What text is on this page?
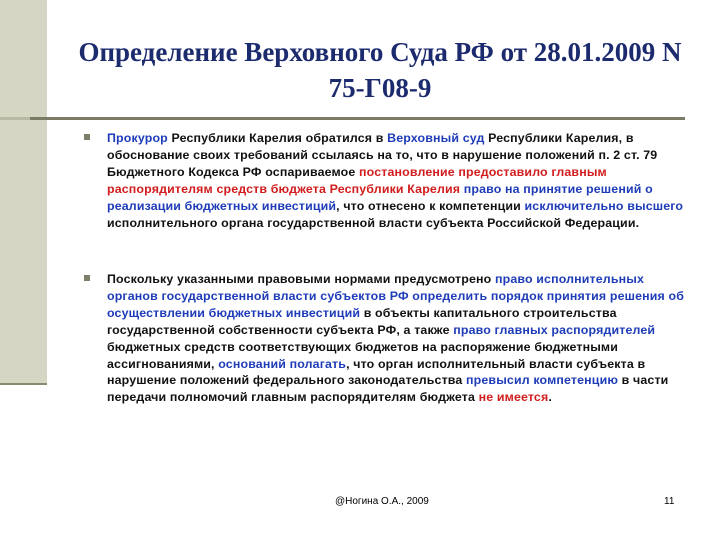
Определение Верховного Суда РФ от 28.01.2009 N 75-Г08-9
Прокурор Республики Карелия обратился в Верховный суд Республики Карелия, в обоснование своих требований ссылаясь на то, что в нарушение положений п. 2 ст. 79 Бюджетного Кодекса РФ оспариваемое постановление предоставило главным распорядителям средств бюджета Республики Карелия право на принятие решений о реализации бюджетных инвестиций, что отнесено к компетенции исключительно высшего исполнительного органа государственной власти субъекта Российской Федерации.
Поскольку указанными правовыми нормами предусмотрено право исполнительных органов государственной власти субъектов РФ определить порядок принятия решения об осуществлении бюджетных инвестиций в объекты капитального строительства государственной собственности субъекта РФ, а также право главных распорядителей бюджетных средств соответствующих бюджетов на распоряжение бюджетными ассигнованиями, оснований полагать, что орган исполнительный власти субъекта в нарушение положений федерального законодательства превысил компетенцию в части передачи полномочий главным распорядителям бюджета не имеется.
@Ногина О.А., 2009	11
